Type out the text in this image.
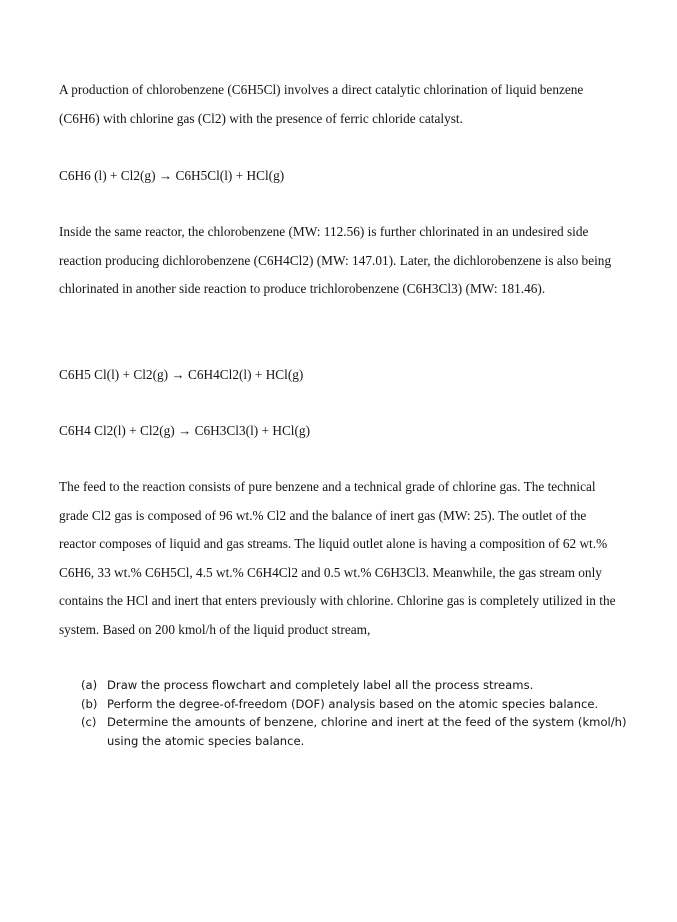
A production of chlorobenzene (C6H5Cl) involves a direct catalytic chlorination of liquid benzene (C6H6) with chlorine gas (Cl2) with the presence of ferric chloride catalyst.

C6H6 (l) + Cl2(g) → C6H5Cl(l) + HCl(g)

Inside the same reactor, the chlorobenzene (MW: 112.56) is further chlorinated in an undesired side reaction producing dichlorobenzene (C6H4Cl2) (MW: 147.01). Later, the dichlorobenzene is also being chlorinated in another side reaction to produce trichlorobenzene (C6H3Cl3) (MW: 181.46).

C6H5 Cl(l) + Cl2(g) → C6H4Cl2(l) + HCl(g)

C6H4 Cl2(l) + Cl2(g) → C6H3Cl3(l) + HCl(g)

The feed to the reaction consists of pure benzene and a technical grade of chlorine gas. The technical grade Cl2 gas is composed of 96 wt.% Cl2 and the balance of inert gas (MW: 25). The outlet of the reactor composes of liquid and gas streams. The liquid outlet alone is having a composition of 62 wt.% C6H6, 33 wt.% C6H5Cl, 4.5 wt.% C6H4Cl2 and 0.5 wt.% C6H3Cl3. Meanwhile, the gas stream only contains the HCl and inert that enters previously with chlorine. Chlorine gas is completely utilized in the system. Based on 200 kmol/h of the liquid product stream,

(a) Draw the process flowchart and completely label all the process streams.
(b) Perform the degree-of-freedom (DOF) analysis based on the atomic species balance.
(c) Determine the amounts of benzene, chlorine and inert at the feed of the system (kmol/h) using the atomic species balance.
